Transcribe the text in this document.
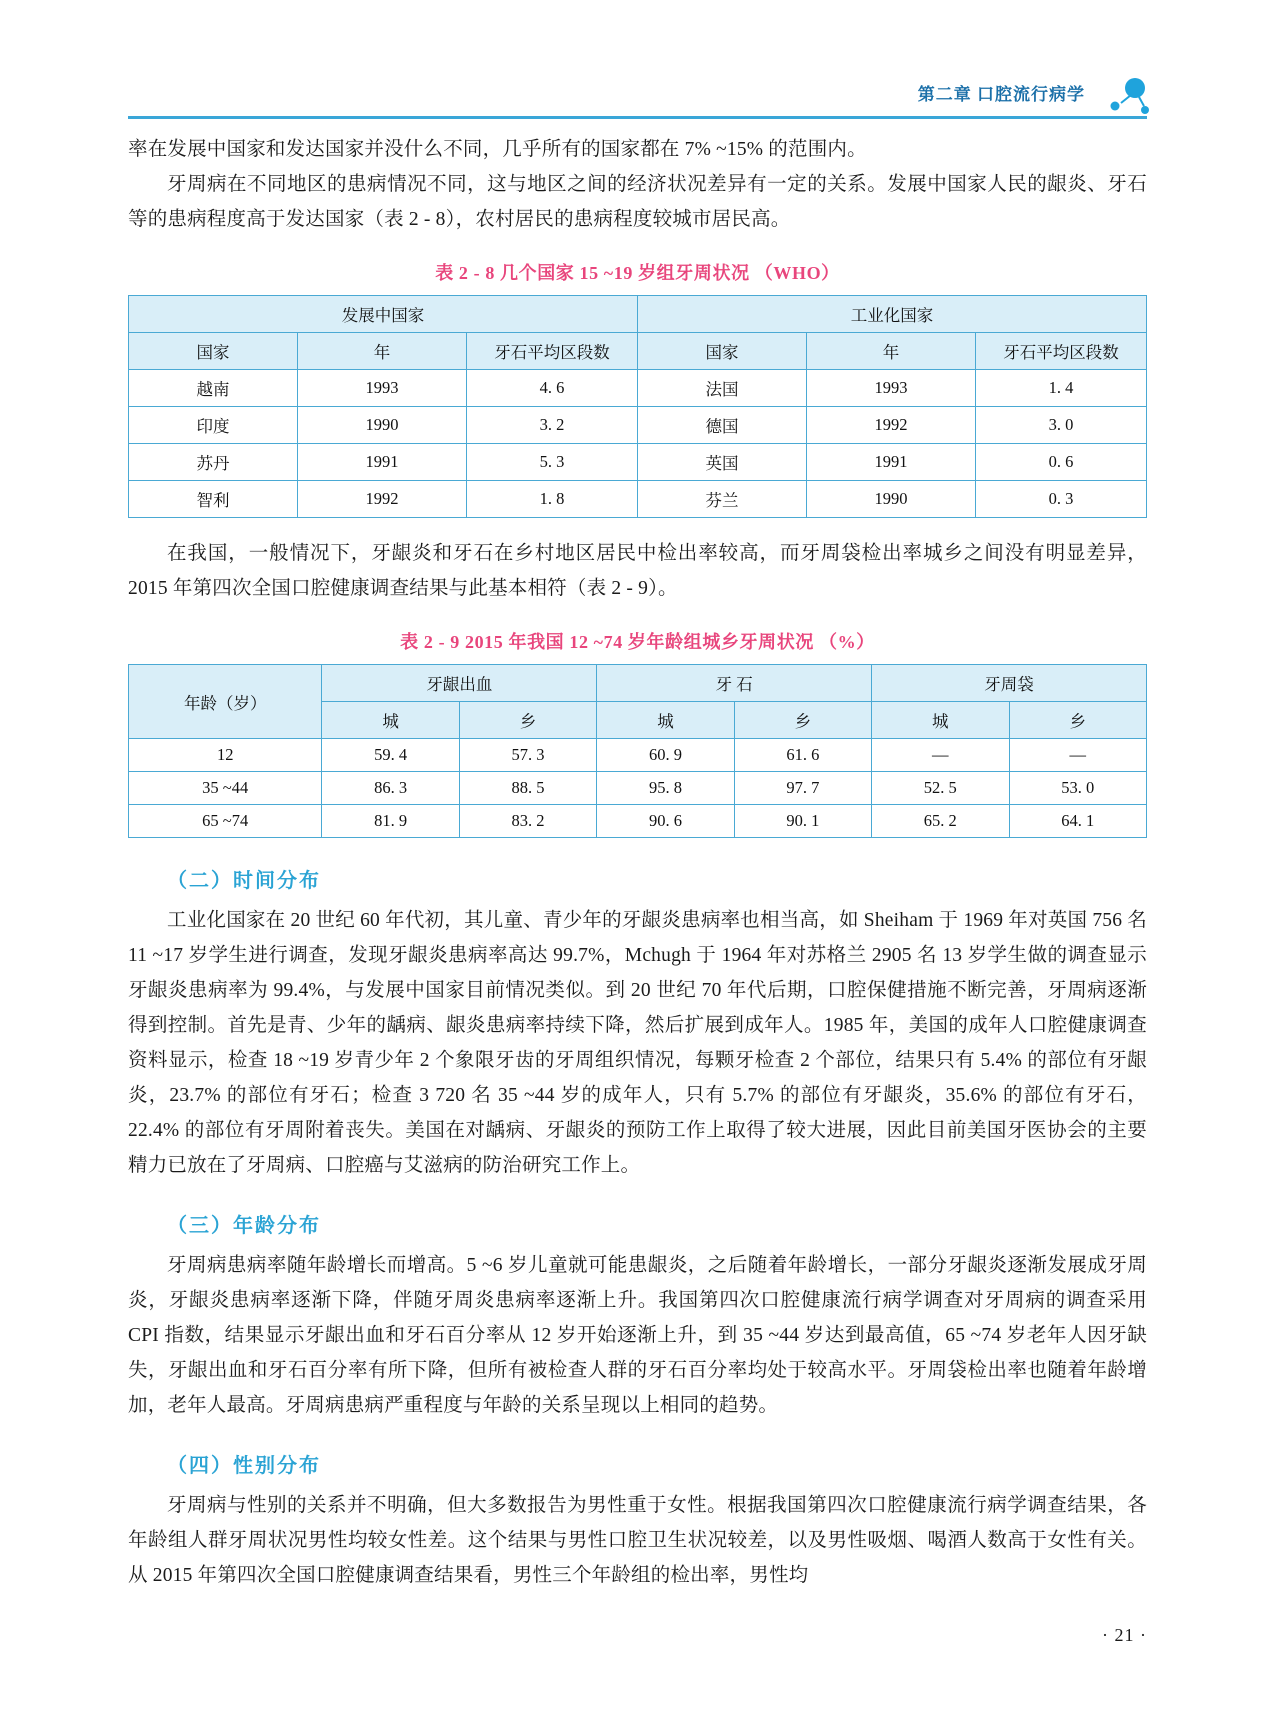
第二章 口腔流行病学

率在发展中国家和发达国家并没什么不同，几乎所有的国家都在 7% ~15% 的范围内。

牙周病在不同地区的患病情况不同，这与地区之间的经济状况差异有一定的关系。发展中国家人民的龈炎、牙石等的患病程度高于发达国家（表 2 - 8），农村居民的患病程度较城市居民高。

表 2 - 8 几个国家 15 ~19 岁组牙周状况 （WHO）
发展中国家			工业化国家		
国家	年	牙石平均区段数	国家	年	牙石平均区段数
越南	1993	4. 6	法国	1993	1. 4
印度	1990	3. 2	德国	1992	3. 0
苏丹	1991	5. 3	英国	1991	0. 6
智利	1992	1. 8	芬兰	1990	0. 3

在我国，一般情况下，牙龈炎和牙石在乡村地区居民中检出率较高，而牙周袋检出率城乡之间没有明显差异，2015 年第四次全国口腔健康调查结果与此基本相符（表 2 - 9）。

表 2 - 9 2015 年我国 12 ~74 岁年龄组城乡牙周状况 （%）
年龄（岁）	牙龈出血		牙 石		牙周袋	
	城	乡	城	乡	城	乡
12	59. 4	57. 3	60. 9	61. 6	—	—
35 ~44	86. 3	88. 5	95. 8	97. 7	52. 5	53. 0
65 ~74	81. 9	83. 2	90. 6	90. 1	65. 2	64. 1
（二）时间分布

工业化国家在 20 世纪 60 年代初，其儿童、青少年的牙龈炎患病率也相当高，如 Sheiham 于 1969 年对英国 756 名 11 ~17 岁学生进行调查，发现牙龈炎患病率高达 99.7%，Mchugh 于 1964 年对苏格兰 2905 名 13 岁学生做的调查显示牙龈炎患病率为 99.4%，与发展中国家目前情况类似。到 20 世纪 70 年代后期，口腔保健措施不断完善，牙周病逐渐得到控制。首先是青、少年的龋病、龈炎患病率持续下降，然后扩展到成年人。1985 年，美国的成年人口腔健康调查资料显示，检查 18 ~19 岁青少年 2 个象限牙齿的牙周组织情况，每颗牙检查 2 个部位，结果只有 5.4% 的部位有牙龈炎，23.7% 的部位有牙石；检查 3 720 名 35 ~44 岁的成年人，只有 5.7% 的部位有牙龈炎，35.6% 的部位有牙石，22.4% 的部位有牙周附着丧失。美国在对龋病、牙龈炎的预防工作上取得了较大进展，因此目前美国牙医协会的主要精力已放在了牙周病、口腔癌与艾滋病的防治研究工作上。

（三）年龄分布

牙周病患病率随年龄增长而增高。5 ~6 岁儿童就可能患龈炎，之后随着年龄增长，一部分牙龈炎逐渐发展成牙周炎，牙龈炎患病率逐渐下降，伴随牙周炎患病率逐渐上升。我国第四次口腔健康流行病学调查对牙周病的调查采用 CPI 指数，结果显示牙龈出血和牙石百分率从 12 岁开始逐渐上升，到 35 ~44 岁达到最高值，65 ~74 岁老年人因牙缺失，牙龈出血和牙石百分率有所下降，但所有被检查人群的牙石百分率均处于较高水平。牙周袋检出率也随着年龄增加，老年人最高。牙周病患病严重程度与年龄的关系呈现以上相同的趋势。

（四）性别分布

牙周病与性别的关系并不明确，但大多数报告为男性重于女性。根据我国第四次口腔健康流行病学调查结果，各年龄组人群牙周状况男性均较女性差。这个结果与男性口腔卫生状况较差，以及男性吸烟、喝酒人数高于女性有关。从 2015 年第四次全国口腔健康调查结果看，男性三个年龄组的检出率，男性均

· 21 ·
